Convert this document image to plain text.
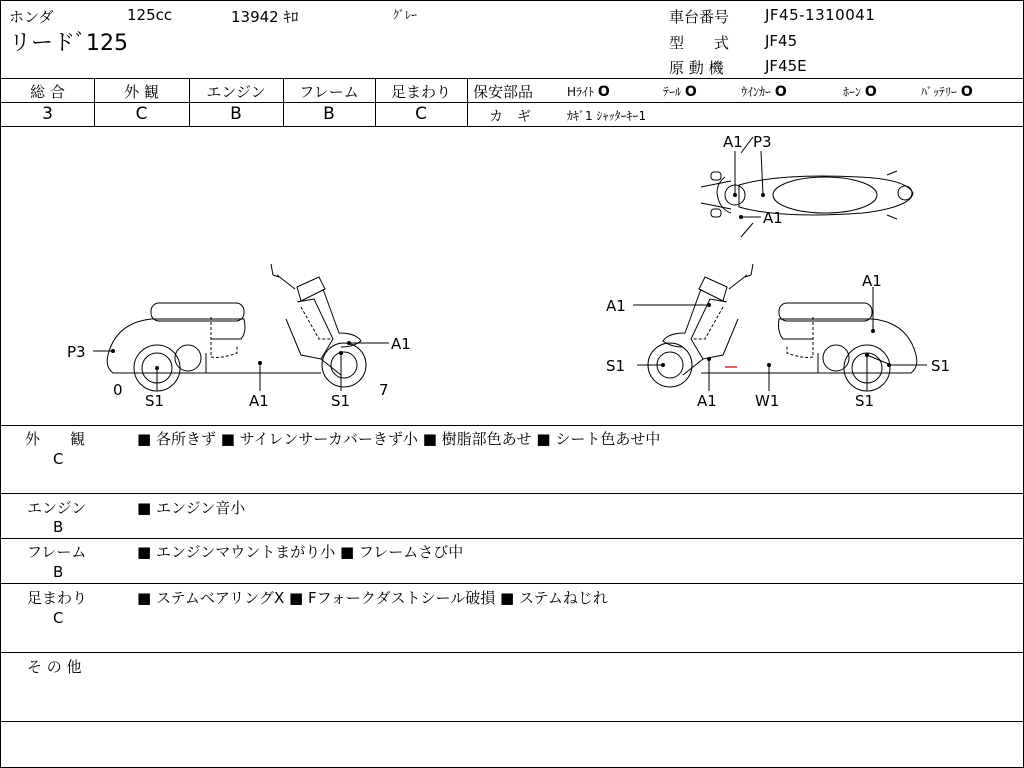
ホンダ	125cc	13942 ｷﾛ	ｸﾞﾚｰ
リードﾞ125
車台番号 JF45-1310041
型　　式 JF45
原 動 機	JF45E
総 合
3
外 観
C
エンジン
B
フレーム
B
足まわり
C
保安部品	Hﾗｲﾄ O	ﾃｰﾙ O	ｳｲﾝｶｰ O	ﾎｰﾝ O	ﾊﾞｯﾃﾘｰ O
カ　ギ	ｶｷﾞ1 ｼｬｯﾀｰｷｰ1
P3
0
S1	A1	S1
A1
7
A1 P3
A1
A1
A1
S1	S1
A1	W1	S1
外　　観
C
■ 各所きず ■ サイレンサーカバーきず小 ■ 樹脂部色あせ ■ シート色あせ中
エンジン
B
■ エンジン音小
フレーム
B
■ エンジンマウントまがり小 ■ フレームさび中
足まわり
C
■ ステムベアリングX ■ Fフォークダストシール破損 ■ ステムねじれ
そ の 他
